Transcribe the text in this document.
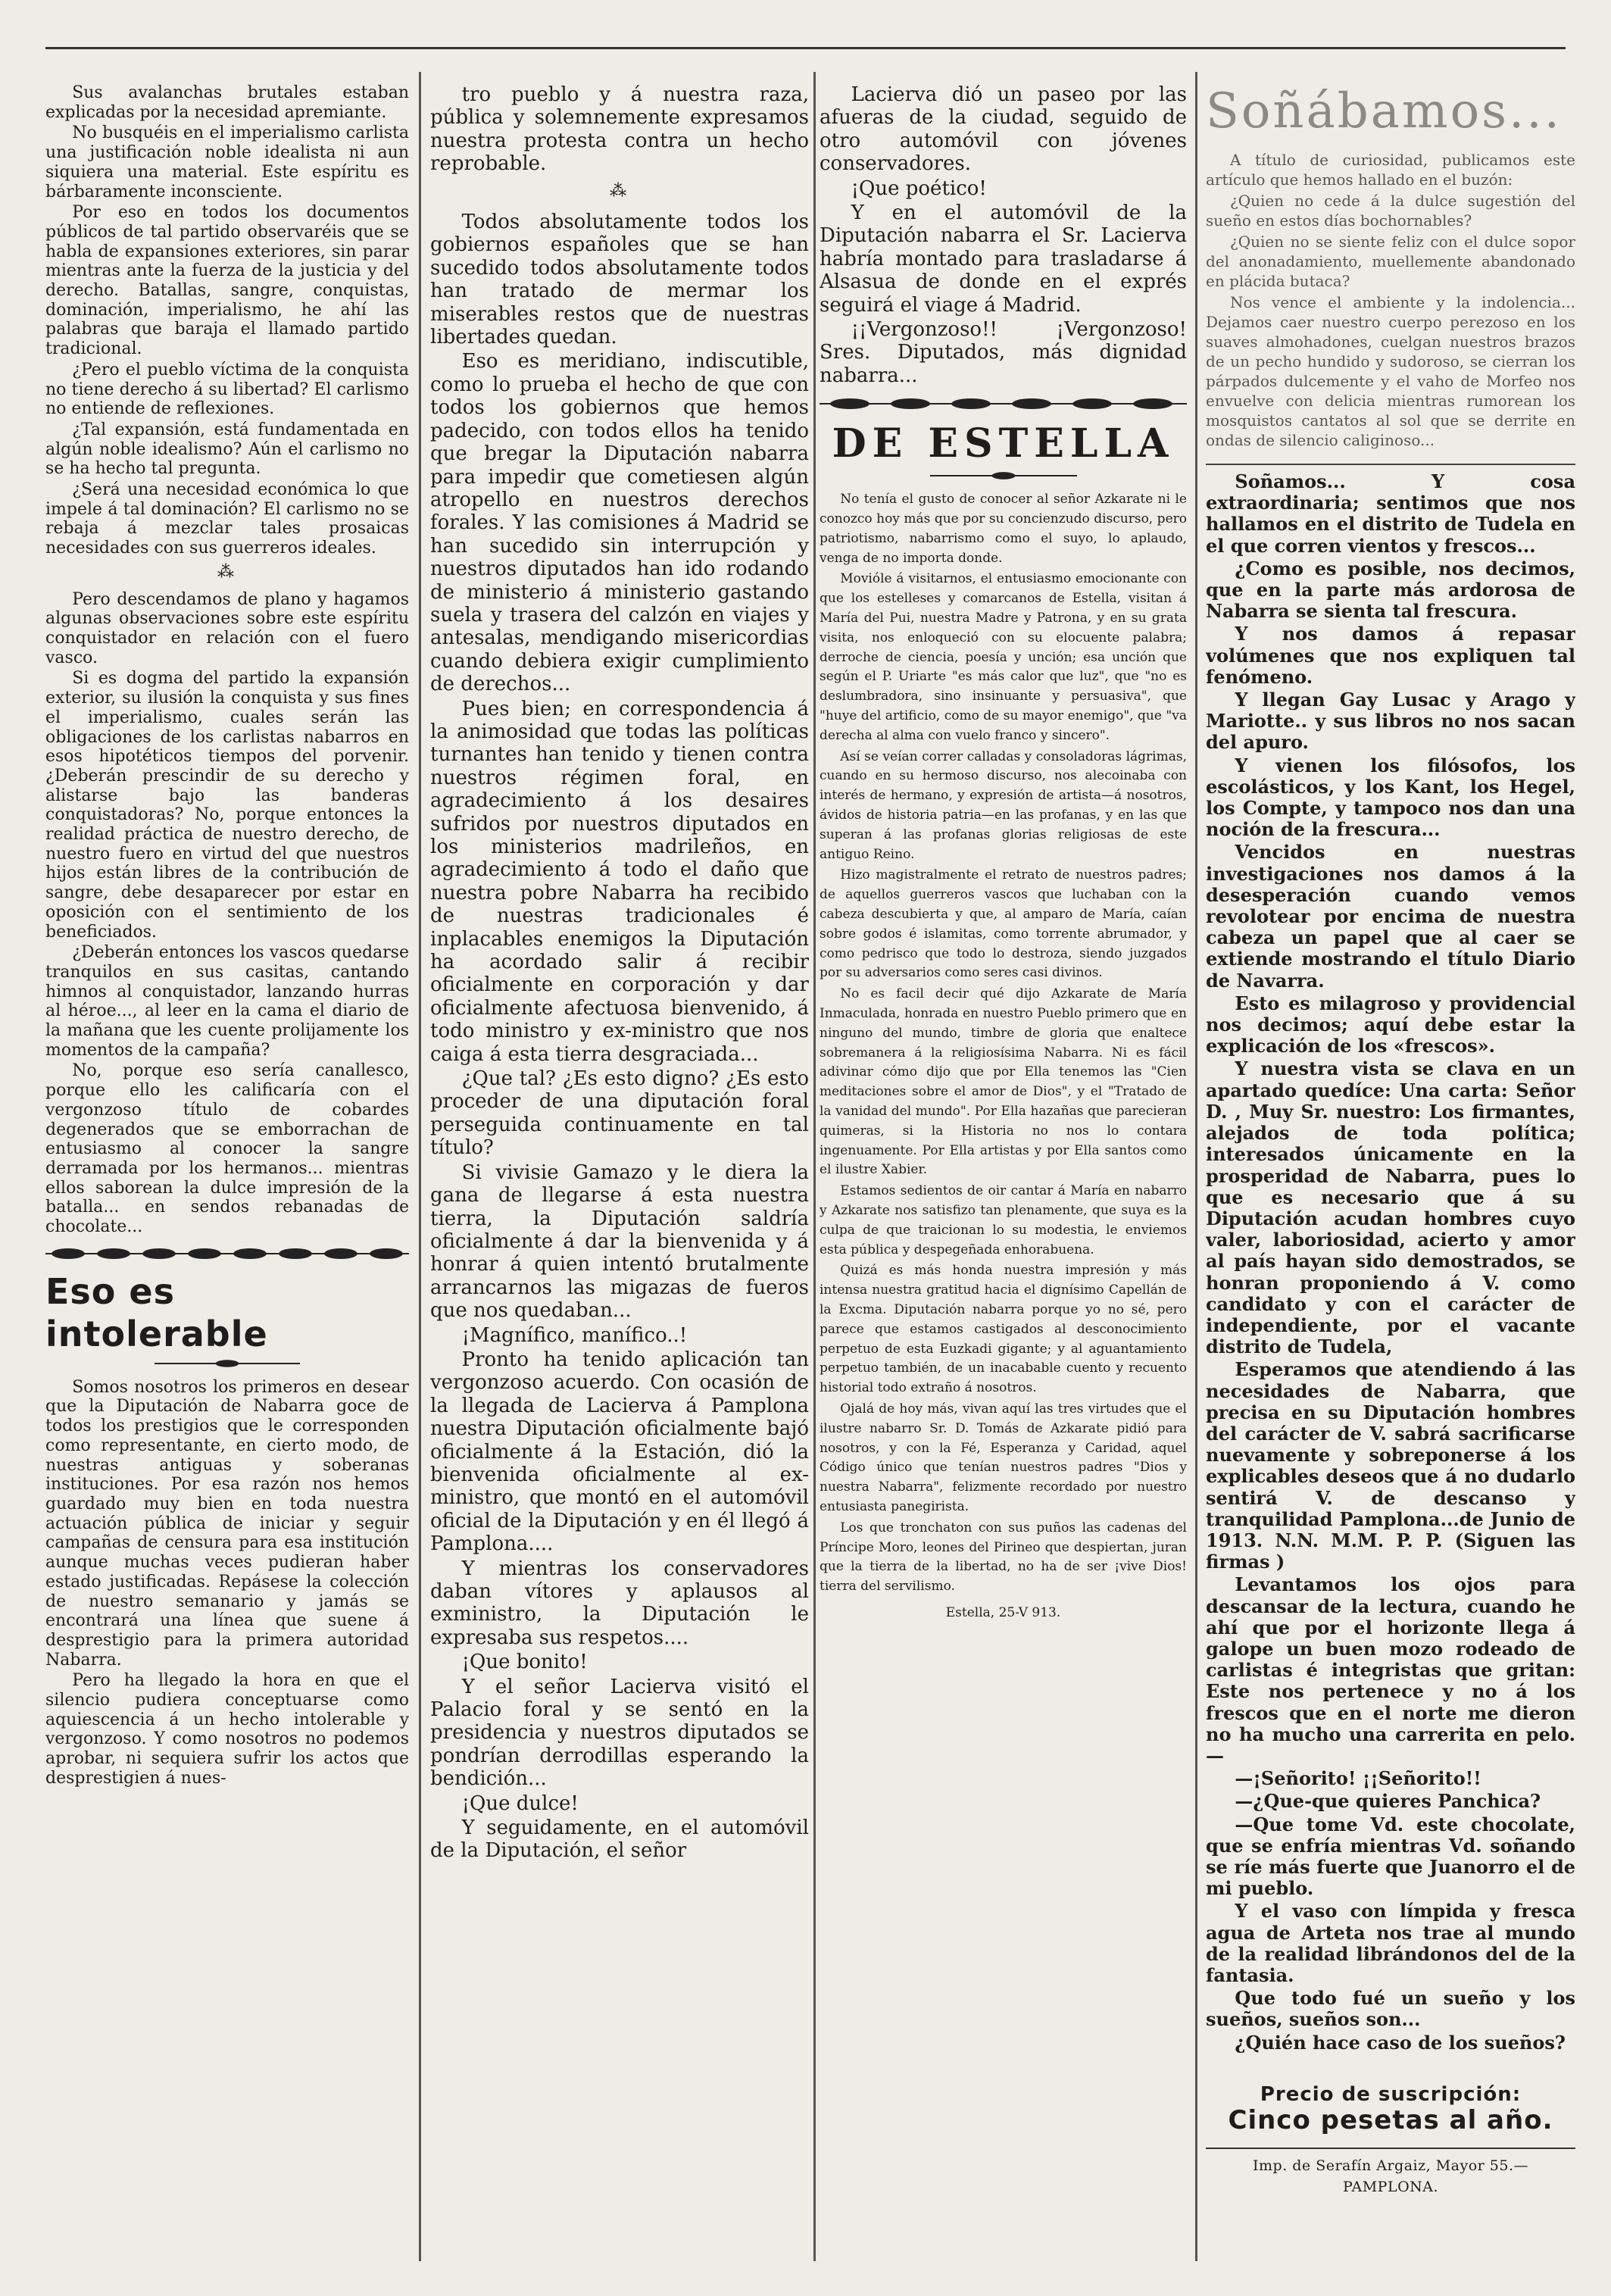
Sus avalanchas brutales estaban explicadas por la necesidad apremiante.

No busquéis en el imperialismo carlista una justificación noble idealista ni aun siquiera una material. Este espíritu es bárbaramente inconsciente.

Por eso en todos los documentos públicos de tal partido observaréis que se habla de expansiones exteriores, sin parar mientras ante la fuerza de la justicia y del derecho. Batallas, sangre, conquistas, dominación, imperialismo, he ahí las palabras que baraja el llamado partido tradicional.

¿Pero el pueblo víctima de la conquista no tiene derecho á su libertad? El carlismo no entiende de reflexiones.

¿Tal expansión, está fundamentada en algún noble idealismo? Aún el carlismo no se ha hecho tal pregunta.

¿Será una necesidad económica lo que impele á tal dominación? El carlismo no se rebaja á mezclar tales prosaicas necesidades con sus guerreros ideales.

⁂

Pero descendamos de plano y hagamos algunas observaciones sobre este espíritu conquistador en relación con el fuero vasco.

Si es dogma del partido la expansión exterior, su ilusión la conquista y sus fines el imperialismo, cuales serán las obligaciones de los carlistas nabarros en esos hipotéticos tiempos del porvenir. ¿Deberán prescindir de su derecho y alistarse bajo las banderas conquistadoras? No, porque entonces la realidad práctica de nuestro derecho, de nuestro fuero en virtud del que nuestros hijos están libres de la contribución de sangre, debe desaparecer por estar en oposición con el sentimiento de los beneficiados.

¿Deberán entonces los vascos quedarse tranquilos en sus casitas, cantando himnos al conquistador, lanzando hurras al héroe..., al leer en la cama el diario de la mañana que les cuente prolijamente los momentos de la campaña?

No, porque eso sería canallesco, porque ello les calificaría con el vergonzoso título de cobardes degenerados que se emborrachan de entusiasmo al conocer la sangre derramada por los hermanos... mientras ellos saborean la dulce impresión de la batalla... en sendos rebanadas de chocolate...

Eso es intolerable

Somos nosotros los primeros en desear que la Diputación de Nabarra goce de todos los prestigios que le corresponden como representante, en cierto modo, de nuestras antiguas y soberanas instituciones. Por esa razón nos hemos guardado muy bien en toda nuestra actuación pública de iniciar y seguir campañas de censura para esa institución aunque muchas veces pudieran haber estado justificadas. Repásese la colección de nuestro semanario y jamás se encontrará una línea que suene á desprestigio para la primera autoridad Nabarra.

Pero ha llegado la hora en que el silencio pudiera conceptuarse como aquiescencia á un hecho intolerable y vergonzoso. Y como nosotros no podemos aprobar, ni sequiera sufrir los actos que desprestigien á nues-

tro pueblo y á nuestra raza, pública y solemnemente expresamos nuestra protesta contra un hecho reprobable.

⁂

Todos absolutamente todos los gobiernos españoles que se han sucedido todos absolutamente todos han tratado de mermar los miserables restos que de nuestras libertades quedan.

Eso es meridiano, indiscutible, como lo prueba el hecho de que con todos los gobiernos que hemos padecido, con todos ellos ha tenido que bregar la Diputación nabarra para impedir que cometiesen algún atropello en nuestros derechos forales. Y las comisiones á Madrid se han sucedido sin interrupción y nuestros diputados han ido rodando de ministerio á ministerio gastando suela y trasera del calzón en viajes y antesalas, mendigando misericordias cuando debiera exigir cumplimiento de derechos...

Pues bien; en correspondencia á la animosidad que todas las políticas turnantes han tenido y tienen contra nuestros régimen foral, en agradecimiento á los desaires sufridos por nuestros diputados en los ministerios madrileños, en agradecimiento á todo el daño que nuestra pobre Nabarra ha recibido de nuestras tradicionales é inplacables enemigos la Diputación ha acordado salir á recibir oficialmente en corporación y dar oficialmente afectuosa bienvenido, á todo ministro y ex-ministro que nos caiga á esta tierra desgraciada...

¿Que tal? ¿Es esto digno? ¿Es esto proceder de una diputación foral perseguida continuamente en tal título?

Si vivisie Gamazo y le diera la gana de llegarse á esta nuestra tierra, la Diputación saldría oficialmente á dar la bienvenida y á honrar á quien intentó brutalmente arrancarnos las migazas de fueros que nos quedaban...

¡Magnífico, manífico..!

Pronto ha tenido aplicación tan vergonzoso acuerdo. Con ocasión de la llegada de Lacierva á Pamplona nuestra Diputación oficialmente bajó oficialmente á la Estación, dió la bienvenida oficialmente al ex-ministro, que montó en el automóvil oficial de la Diputación y en él llegó á Pamplona....

Y mientras los conservadores daban vítores y aplausos al exministro, la Diputación le expresaba sus respetos....

¡Que bonito!

Y el señor Lacierva visitó el Palacio foral y se sentó en la presidencia y nuestros diputados se pondrían derrodillas esperando la bendición...

¡Que dulce!

Y seguidamente, en el automóvil de la Diputación, el señor

Lacierva dió un paseo por las afueras de la ciudad, seguido de otro automóvil con jóvenes conservadores.

¡Que poético!

Y en el automóvil de la Diputación nabarra el Sr. Lacierva habría montado para trasladarse á Alsasua de donde en el exprés seguirá el viage á Madrid.

¡¡Vergonzoso!! ¡Vergonzoso! Sres. Diputados, más dignidad nabarra...

DE ESTELLA

No tenía el gusto de conocer al señor Azkarate ni le conozco hoy más que por su concienzudo discurso, pero patriotismo, nabarrismo como el suyo, lo aplaudo, venga de no importa donde.

Movióle á visitarnos, el entusiasmo emocionante con que los estelleses y comarcanos de Estella, visitan á María del Pui, nuestra Madre y Patrona, y en su grata visita, nos enloqueció con su elocuente palabra; derroche de ciencia, poesía y unción; esa unción que según el P. Uriarte "es más calor que luz", que "no es deslumbradora, sino insinuante y persuasiva", que "huye del artificio, como de su mayor enemigo", que "va derecha al alma con vuelo franco y sincero".

Así se veían correr calladas y consoladoras lágrimas, cuando en su hermoso discurso, nos alecoinaba con interés de hermano, y expresión de artista—á nosotros, ávidos de historia patria—en las profanas, y en las que superan á las profanas glorias religiosas de este antiguo Reino.

Hizo magistralmente el retrato de nuestros padres; de aquellos guerreros vascos que luchaban con la cabeza descubierta y que, al amparo de María, caían sobre godos é islamitas, como torrente abrumador, y como pedrisco que todo lo destroza, siendo juzgados por su adversarios como seres casi divinos.

No es facil decir qué dijo Azkarate de María Inmaculada, honrada en nuestro Pueblo primero que en ninguno del mundo, timbre de gloria que enaltece sobremanera á la religiosísima Nabarra. Ni es fácil adivinar cómo dijo que por Ella tenemos las "Cien meditaciones sobre el amor de Dios", y el "Tratado de la vanidad del mundo". Por Ella hazañas que parecieran quimeras, si la Historia no nos lo contara ingenuamente. Por Ella artistas y por Ella santos como el ilustre Xabier.

Estamos sedientos de oir cantar á María en nabarro y Azkarate nos satisfizo tan plenamente, que suya es la culpa de que traicionan lo su modestia, le enviemos esta pública y despegeñada enhorabuena.

Quizá es más honda nuestra impresión y más intensa nuestra gratitud hacia el dignísimo Capellán de la Excma. Diputación nabarra porque yo no sé, pero parece que estamos castigados al desconocimiento perpetuo de esta Euzkadi gigante; y al aguantamiento perpetuo también, de un inacabable cuento y recuento historial todo extraño á nosotros.

Ojalá de hoy más, vivan aquí las tres virtudes que el ilustre nabarro Sr. D. Tomás de Azkarate pidió para nosotros, y con la Fé, Esperanza y Caridad, aquel Código único que tenían nuestros padres "Dios y nuestra Nabarra", felizmente recordado por nuestro entusiasta panegirista.

Los que tronchaton con sus puños las cadenas del Príncipe Moro, leones del Pirineo que despiertan, juran que la tierra de la libertad, no ha de ser ¡vive Dios! tierra del servilismo.

Estella, 25-V 913.

Soñábamos...

A título de curiosidad, publicamos este artículo que hemos hallado en el buzón:

¿Quien no cede á la dulce sugestión del sueño en estos días bochornables?

¿Quien no se siente feliz con el dulce sopor del anonadamiento, muellemente abandonado en plácida butaca?

Nos vence el ambiente y la indolencia... Dejamos caer nuestro cuerpo perezoso en los suaves almohadones, cuelgan nuestros brazos de un pecho hundido y sudoroso, se cierran los párpados dulcemente y el vaho de Morfeo nos envuelve con delicia mientras rumorean los mosquistos cantatos al sol que se derrite en ondas de silencio caliginoso...

Soñamos... Y cosa extraordinaria; sentimos que nos hallamos en el distrito de Tudela en el que corren vientos y frescos...

¿Como es posible, nos decimos, que en la parte más ardorosa de Nabarra se sienta tal frescura.

Y nos damos á repasar volúmenes que nos expliquen tal fenómeno.

Y llegan Gay Lusac y Arago y Mariotte.. y sus libros no nos sacan del apuro.

Y vienen los filósofos, los escolásticos, y los Kant, los Hegel, los Compte, y tampoco nos dan una noción de la frescura...

Vencidos en nuestras investigaciones nos damos á la desesperación cuando vemos revolotear por encima de nuestra cabeza un papel que al caer se extiende mostrando el título Diario de Navarra.

Esto es milagroso y providencial nos decimos; aquí debe estar la explicación de los «frescos».

Y nuestra vista se clava en un apartado quedíce: Una carta: Señor D. , Muy Sr. nuestro: Los firmantes, alejados de toda política; interesados únicamente en la prosperidad de Nabarra, pues lo que es necesario que á su Diputación acudan hombres cuyo valer, laboriosidad, acierto y amor al país hayan sido demostrados, se honran proponiendo á V. como candidato y con el carácter de independiente, por el vacante distrito de Tudela,

Esperamos que atendiendo á las necesidades de Nabarra, que precisa en su Diputación hombres del carácter de V. sabrá sacrificarse nuevamente y sobreponerse á los explicables deseos que á no dudarlo sentirá V. de descanso y tranquilidad Pamplona...de Junio de 1913. N.N. M.M. P. P. (Siguen las firmas )

Levantamos los ojos para descansar de la lectura, cuando he ahí que por el horizonte llega á galope un buen mozo rodeado de carlistas é integristas que gritan: Este nos pertenece y no á los frescos que en el norte me dieron no ha mucho una carrerita en pelo.—

—¡Señorito! ¡¡Señorito!!

—¿Que-que quieres Panchica?

—Que tome Vd. este chocolate, que se enfría mientras Vd. soñando se ríe más fuerte que Juanorro el de mi pueblo.

Y el vaso con límpida y fresca agua de Arteta nos trae al mundo de la realidad librándonos del de la fantasia.

Que todo fué un sueño y los sueños, sueños son...

¿Quién hace caso de los sueños?

Precio de suscripción:
Cinco pesetas al año.
Imp. de Serafín Argaiz, Mayor 55.—PAMPLONA.
